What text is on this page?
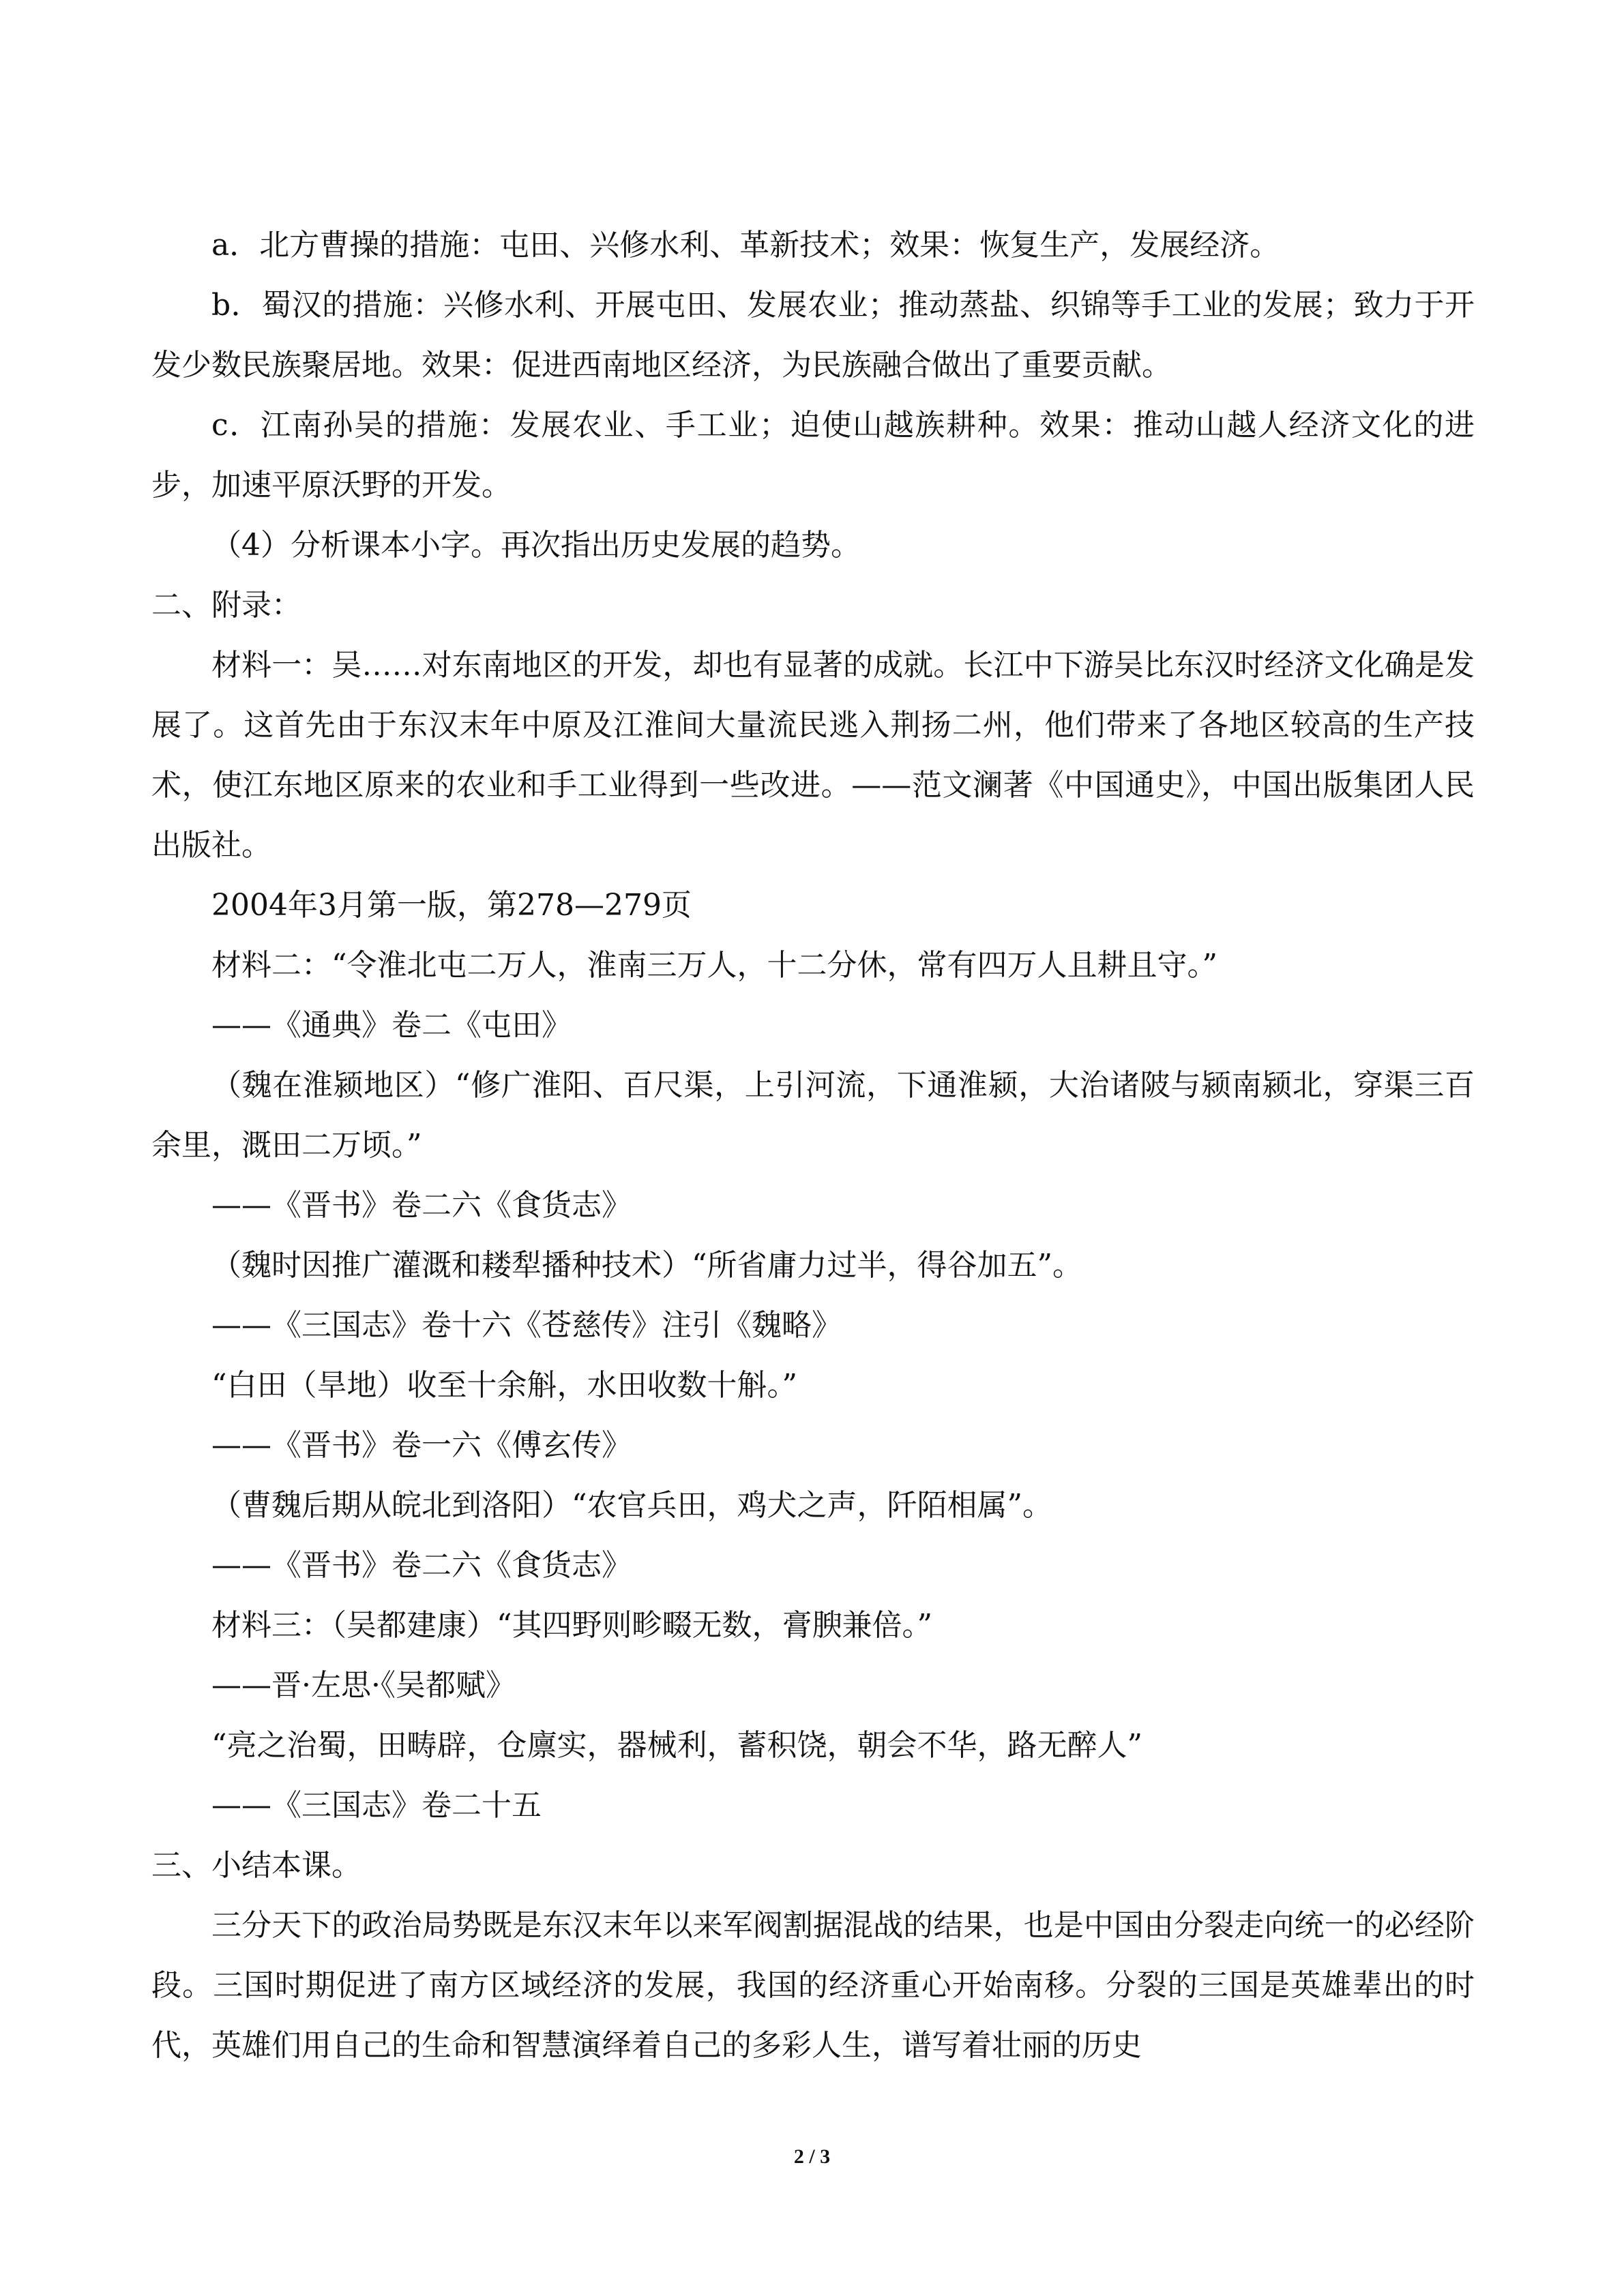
a．北方曹操的措施：屯田、兴修水利、革新技术；效果：恢复生产，发展经济。
b．蜀汉的措施：兴修水利、开展屯田、发展农业；推动蒸盐、织锦等手工业的发展；致力于开发少数民族聚居地。效果：促进西南地区经济，为民族融合做出了重要贡献。
c．江南孙吴的措施：发展农业、手工业；迫使山越族耕种。效果：推动山越人经济文化的进步，加速平原沃野的开发。
（4）分析课本小字。再次指出历史发展的趋势。
二、附录：
材料一：吴……对东南地区的开发，却也有显著的成就。长江中下游吴比东汉时经济文化确是发展了。这首先由于东汉末年中原及江淮间大量流民逃入荆扬二州，他们带来了各地区较高的生产技术，使江东地区原来的农业和手工业得到一些改进。——范文澜著《中国通史》，中国出版集团人民出版社。
2004年3月第一版，第278—279页
材料二：“令淮北屯二万人，淮南三万人，十二分休，常有四万人且耕且守。”
——《通典》卷二《屯田》
（魏在淮颍地区）“修广淮阳、百尺渠，上引河流，下通淮颍，大治诸陂与颍南颍北，穿渠三百余里，溉田二万顷。”
——《晋书》卷二六《食货志》
（魏时因推广灌溉和耧犁播种技术）“所省庸力过半，得谷加五”。
——《三国志》卷十六《苍慈传》注引《魏略》
“白田（旱地）收至十余斛，水田收数十斛。”
——《晋书》卷一六《傅玄传》
（曹魏后期从皖北到洛阳）“农官兵田，鸡犬之声，阡陌相属”。
——《晋书》卷二六《食货志》
材料三：（吴都建康）“其四野则畛畷无数，膏腴兼倍。”
——晋·左思·《吴都赋》
“亮之治蜀，田畴辟，仓廪实，器械利，蓄积饶，朝会不华，路无醉人”
——《三国志》卷二十五
三、小结本课。
三分天下的政治局势既是东汉末年以来军阀割据混战的结果，也是中国由分裂走向统一的必经阶段。三国时期促进了南方区域经济的发展，我国的经济重心开始南移。分裂的三国是英雄辈出的时代，英雄们用自己的生命和智慧演绎着自己的多彩人生，谱写着壮丽的历史
2 / 3
